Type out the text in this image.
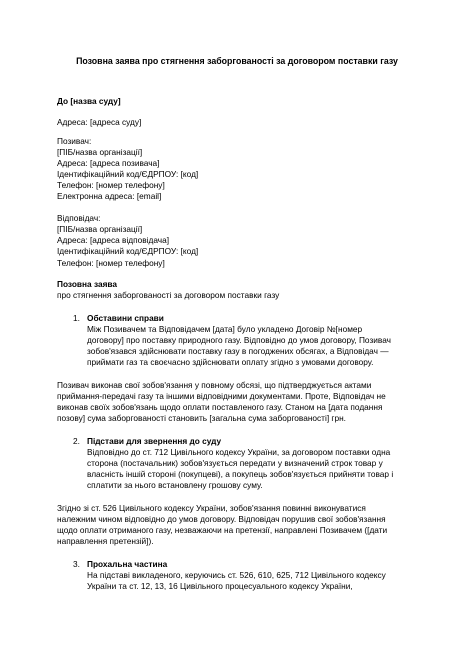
Позовна заява про стягнення заборгованості за договором поставки газу
До [назва суду]
Адреса: [адреса суду]
Позивач:
[ПІБ/назва організації]
Адреса: [адреса позивача]
Ідентифікаційний код/ЄДРПОУ: [код]
Телефон: [номер телефону]
Електронна адреса: [email]
Відповідач:
[ПІБ/назва організації]
Адреса: [адреса відповідача]
Ідентифікаційний код/ЄДРПОУ: [код]
Телефон: [номер телефону]
Позовна заява
про стягнення заборгованості за договором поставки газу
1. Обставини справи
Між Позивачем та Відповідачем [дата] було укладено Договір №[номер
договору] про поставку природного газу. Відповідно до умов договору, Позивач
зобов'язався здійснювати поставку газу в погоджених обсягах, а Відповідач —
приймати газ та своєчасно здійснювати оплату згідно з умовами договору.
Позивач виконав свої зобов'язання у повному обсязі, що підтверджується актами
приймання-передачі газу та іншими відповідними документами. Проте, Відповідач не
виконав своїх зобов'язань щодо оплати поставленого газу. Станом на [дата подання
позову] сума заборгованості становить [загальна сума заборгованості] грн.
2. Підстави для звернення до суду
Відповідно до ст. 712 Цивільного кодексу України, за договором поставки одна
сторона (постачальник) зобов'язується передати у визначений строк товар у
власність іншій стороні (покупцеві), а покупець зобов'язується прийняти товар і
сплатити за нього встановлену грошову суму.
Згідно зі ст. 526 Цивільного кодексу України, зобов'язання повинні виконуватися
належним чином відповідно до умов договору. Відповідач порушив свої зобов'язання
щодо оплати отриманого газу, незважаючи на претензії, направлені Позивачем ([дати
направлення претензій]).
3. Прохальна частина
На підставі викладеного, керуючись ст. 526, 610, 625, 712 Цивільного кодексу
України та ст. 12, 13, 16 Цивільного процесуального кодексу України,
